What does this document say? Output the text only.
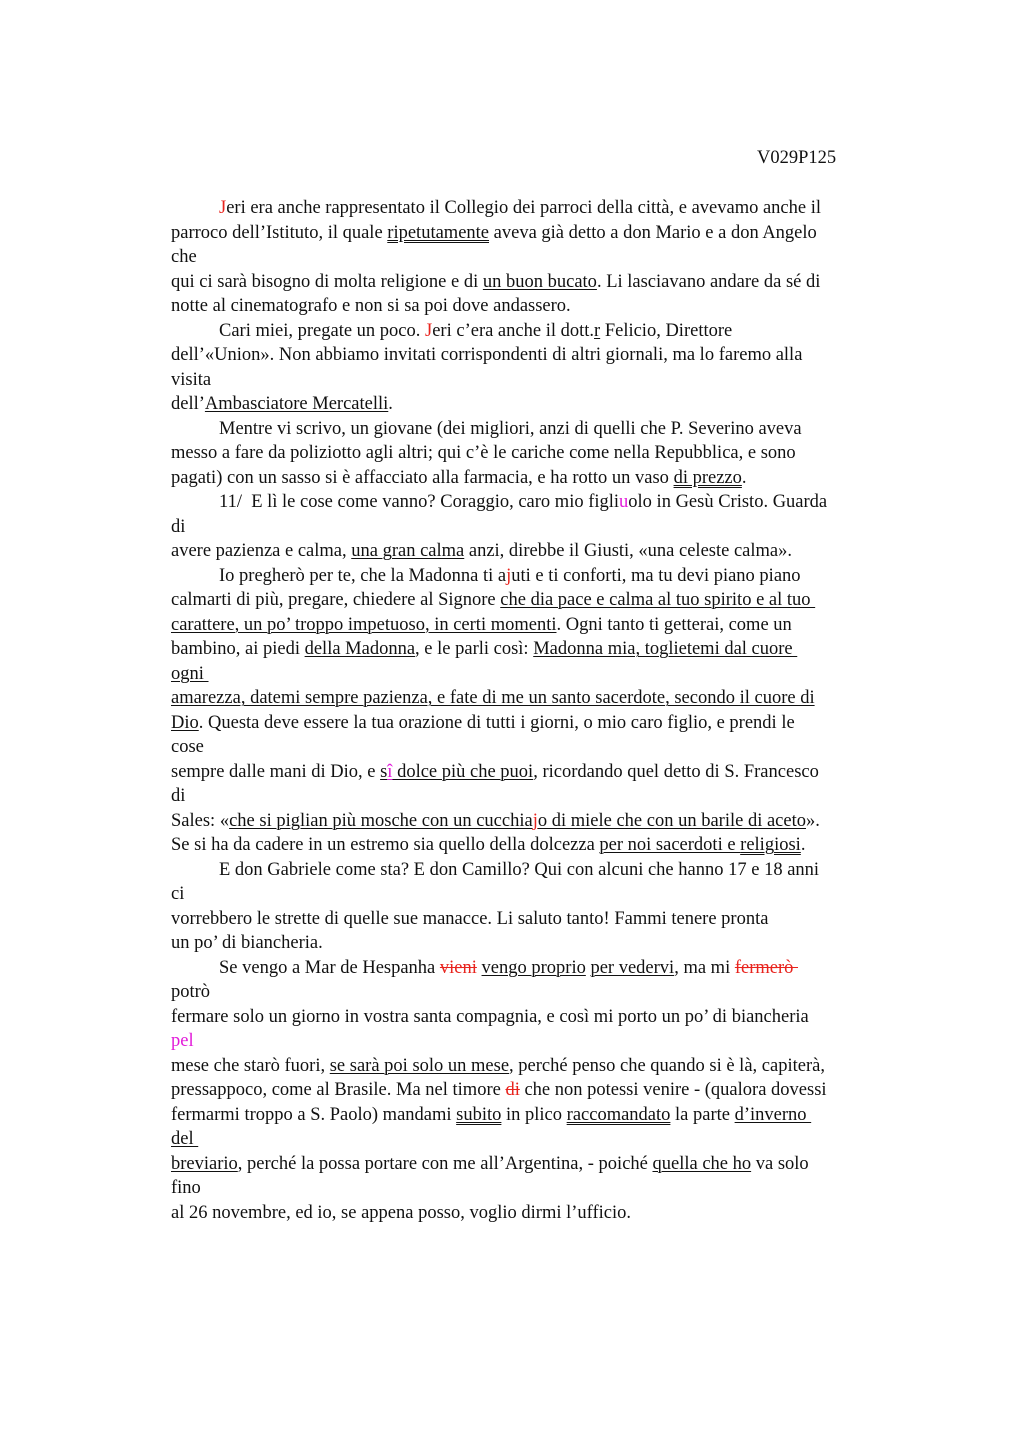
V029P125
Jeri era anche rappresentato il Collegio dei parroci della città, e avevamo anche il
parroco dell’Istituto, il quale ripetutamente aveva già detto a don Mario e a don Angelo
che
qui ci sarà bisogno di molta religione e di un buon bucato. Li lasciavano andare da sé di
notte al cinematografo e non si sa poi dove andassero.
Cari miei, pregate un poco. Jeri c’era anche il dott.r Felicio, Direttore
dell’«Union». Non abbiamo invitati corrispondenti di altri giornali, ma lo faremo alla
visita
dell’Ambasciatore Mercatelli.
Mentre vi scrivo, un giovane (dei migliori, anzi di quelli che P. Severino aveva
messo a fare da poliziotto agli altri; qui c’è le cariche come nella Repubblica, e sono
pagati) con un sasso si è affacciato alla farmacia, e ha rotto un vaso di prezzo.
11/  E lì le cose come vanno? Coraggio, caro mio figliuolo in Gesù Cristo. Guarda
di
avere pazienza e calma, una gran calma anzi, direbbe il Giusti, «una celeste calma».
Io pregherò per te, che la Madonna ti ajuti e ti conforti, ma tu devi piano piano
calmarti di più, pregare, chiedere al Signore che dia pace e calma al tuo spirito e al tuo
carattere, un po’ troppo impetuoso, in certi momenti. Ogni tanto ti getterai, come un
bambino, ai piedi della Madonna, e le parli così: Madonna mia, toglietemi dal cuore
ogni
amarezza, datemi sempre pazienza, e fate di me un santo sacerdote, secondo il cuore di
Dio. Questa deve essere la tua orazione di tutti i giorni, o mio caro figlio, e prendi le
cose
sempre dalle mani di Dio, e sî dolce più che puoi, ricordando quel detto di S. Francesco
di
Sales: «che si piglian più mosche con un cucchiajo di miele che con un barile di aceto».
Se si ha da cadere in un estremo sia quello della dolcezza per noi sacerdoti e religiosi.
E don Gabriele come sta? E don Camillo? Qui con alcuni che hanno 17 e 18 anni
ci
vorrebbero le strette di quelle sue manacce. Li saluto tanto! Fammi tenere pronta
un po’ di biancheria.
Se vengo a Mar de Hespanha vieni vengo proprio per vedervi, ma mi fermerò
potrò
fermare solo un giorno in vostra santa compagnia, e così mi porto un po’ di biancheria
pel
mese che starò fuori, se sarà poi solo un mese, perché penso che quando si è là, capiterà,
pressappoco, come al Brasile. Ma nel timore di che non potessi venire - (qualora dovessi
fermarmi troppo a S. Paolo) mandami subito in plico raccomandato la parte d’inverno
del
breviario, perché la possa portare con me all’Argentina, - poiché quella che ho va solo
fino
al 26 novembre, ed io, se appena posso, voglio dirmi l’ufficio.
